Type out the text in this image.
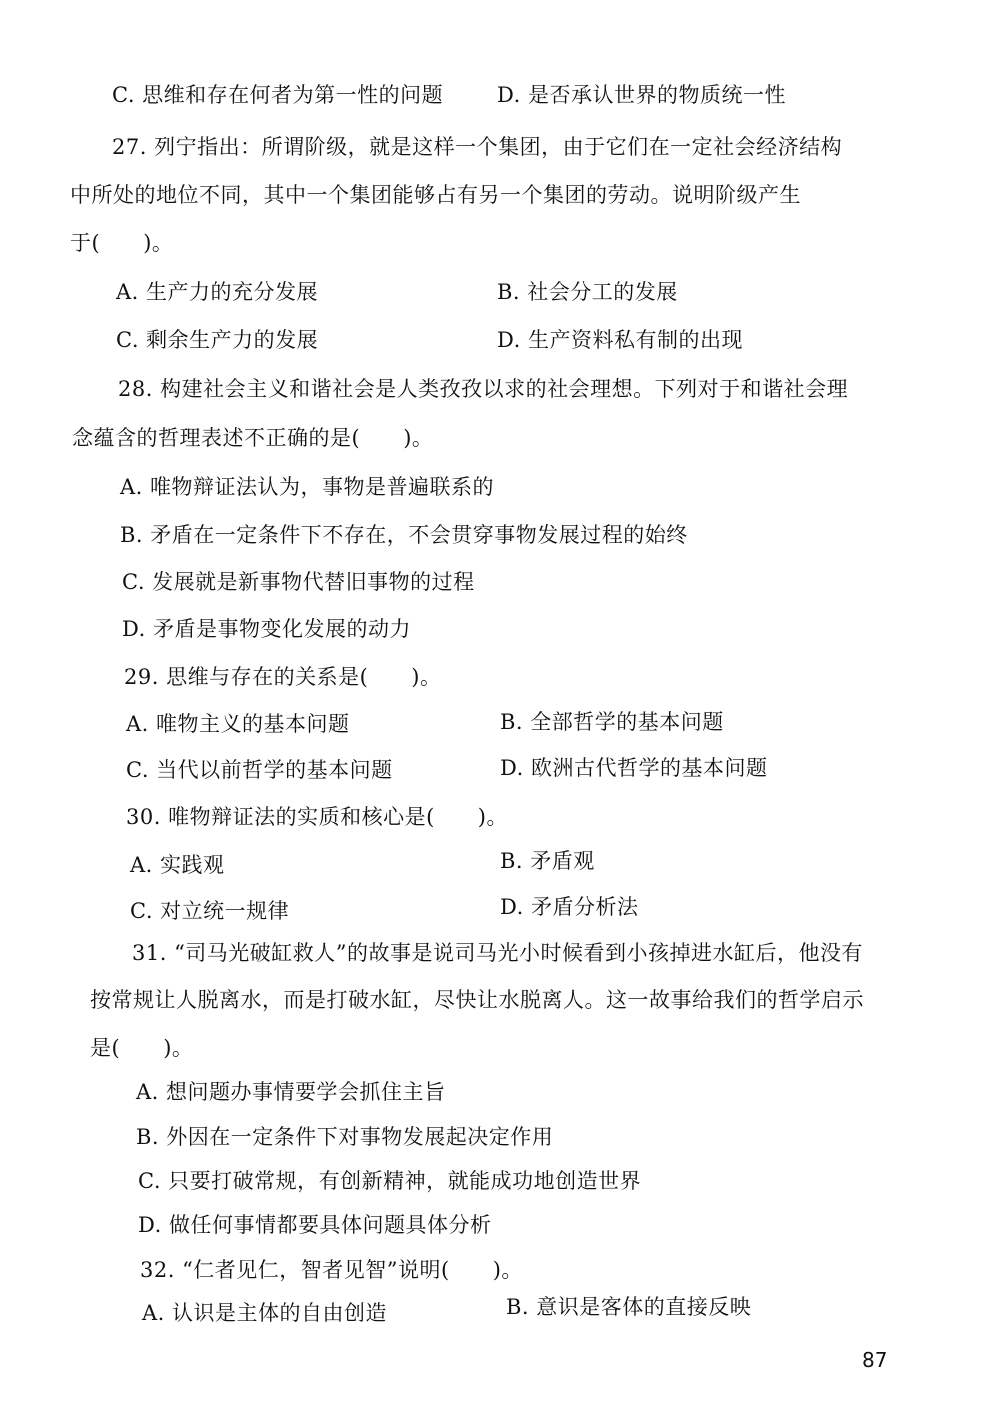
C. 思维和存在何者为第一性的问题	D. 是否承认世界的物质统一性
27. 列宁指出：所谓阶级，就是这样一个集团，由于它们在一定社会经济结构
中所处的地位不同，其中一个集团能够占有另一个集团的劳动。说明阶级产生
于(　　)。
A. 生产力的充分发展	B. 社会分工的发展
C. 剩余生产力的发展	D. 生产资料私有制的出现
28. 构建社会主义和谐社会是人类孜孜以求的社会理想。下列对于和谐社会理
念蕴含的哲理表述不正确的是(　　)。
A. 唯物辩证法认为，事物是普遍联系的
B. 矛盾在一定条件下不存在，不会贯穿事物发展过程的始终
C. 发展就是新事物代替旧事物的过程
D. 矛盾是事物变化发展的动力
29. 思维与存在的关系是(　　)。
A. 唯物主义的基本问题	B. 全部哲学的基本问题
C. 当代以前哲学的基本问题	D. 欧洲古代哲学的基本问题
30. 唯物辩证法的实质和核心是(　　)。
A. 实践观	B. 矛盾观
C. 对立统一规律	D. 矛盾分析法
31. “司马光破缸救人”的故事是说司马光小时候看到小孩掉进水缸后，他没有
按常规让人脱离水，而是打破水缸，尽快让水脱离人。这一故事给我们的哲学启示
是(　　)。
A. 想问题办事情要学会抓住主旨
B. 外因在一定条件下对事物发展起决定作用
C. 只要打破常规，有创新精神，就能成功地创造世界
D. 做任何事情都要具体问题具体分析
32. “仁者见仁，智者见智”说明(　　)。
A. 认识是主体的自由创造	B. 意识是客体的直接反映
87
